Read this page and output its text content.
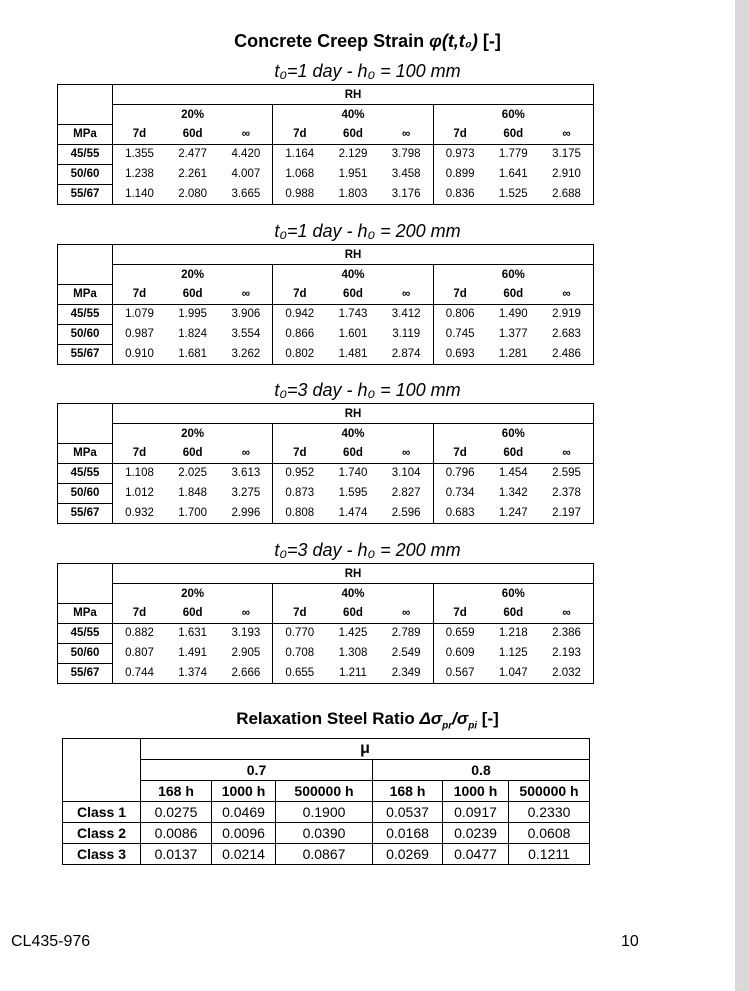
Concrete Creep Strain φ(t,t₀) [-]
t₀=1 day - h₀ = 100 mm
	RH								
	20%			40%			60%		
MPa	7d	60d	∞	7d	60d	∞	7d	60d	∞
45/55	1.355	2.477	4.420	1.164	2.129	3.798	0.973	1.779	3.175
50/60	1.238	2.261	4.007	1.068	1.951	3.458	0.899	1.641	2.910
55/67	1.140	2.080	3.665	0.988	1.803	3.176	0.836	1.525	2.688
t₀=1 day - h₀ = 200 mm
	RH								
	20%			40%			60%		
MPa	7d	60d	∞	7d	60d	∞	7d	60d	∞
45/55	1.079	1.995	3.906	0.942	1.743	3.412	0.806	1.490	2.919
50/60	0.987	1.824	3.554	0.866	1.601	3.119	0.745	1.377	2.683
55/67	0.910	1.681	3.262	0.802	1.481	2.874	0.693	1.281	2.486
t₀=3 day - h₀ = 100 mm
	RH								
	20%			40%			60%		
MPa	7d	60d	∞	7d	60d	∞	7d	60d	∞
45/55	1.108	2.025	3.613	0.952	1.740	3.104	0.796	1.454	2.595
50/60	1.012	1.848	3.275	0.873	1.595	2.827	0.734	1.342	2.378
55/67	0.932	1.700	2.996	0.808	1.474	2.596	0.683	1.247	2.197
t₀=3 day - h₀ = 200 mm
	RH								
	20%			40%			60%		
MPa	7d	60d	∞	7d	60d	∞	7d	60d	∞
45/55	0.882	1.631	3.193	0.770	1.425	2.789	0.659	1.218	2.386
50/60	0.807	1.491	2.905	0.708	1.308	2.549	0.609	1.125	2.193
55/67	0.744	1.374	2.666	0.655	1.211	2.349	0.567	1.047	2.032
Relaxation Steel Ratio $\Delta\sigma_{pr}/\sigma_{pi}$ [-]
	μ					
	0.7			0.8		
	168 h	1000 h	500000 h	168 h	1000 h	500000 h
Class 1	0.0275	0.0469	0.1900	0.0537	0.0917	0.2330
Class 2	0.0086	0.0096	0.0390	0.0168	0.0239	0.0608
Class 3	0.0137	0.0214	0.0867	0.0269	0.0477	0.1211
CL435-976	10
